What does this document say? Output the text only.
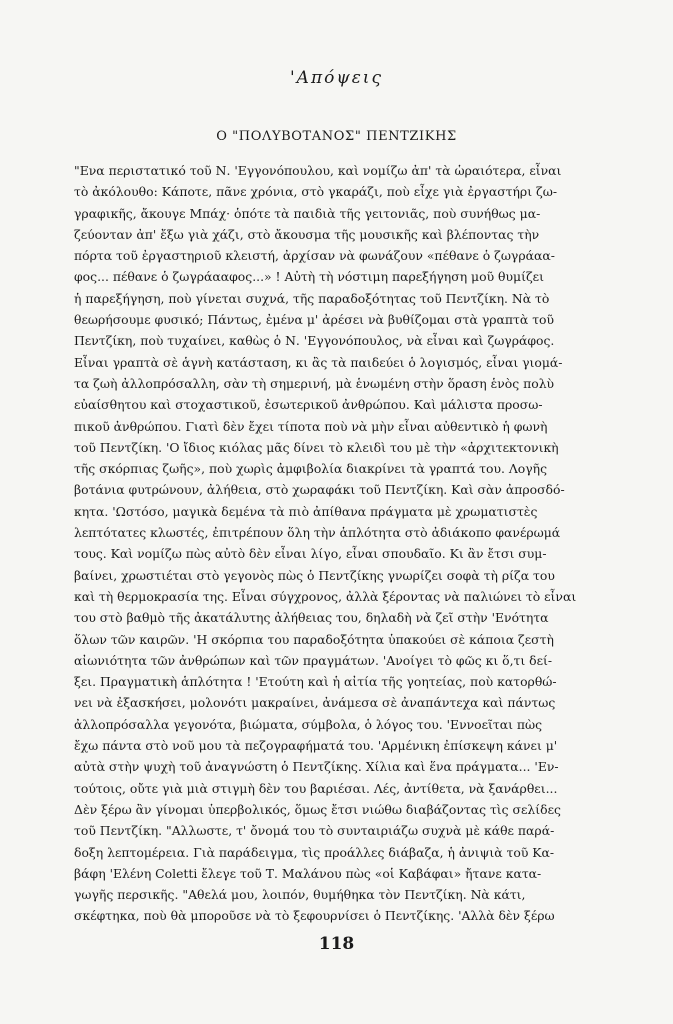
'Απόψεις
Ο "ΠΟΛΥΒΟΤΑΝΟΣ" ΠΕΝΤΖΙΚΗΣ
"Ενα περιστατικό τοῦ Ν. 'Εγγονόπουλου, καὶ νομίζω ἀπ' τὰ ὡραιότερα, εἶναι
τὸ ἀκόλουθο: Κάποτε, πᾶνε χρόνια, στὸ γκαράζι, ποὺ εἶχε γιὰ ἐργαστήρι ζω-
γραφικῆς, ἄκουγε Μπάχ· ὁπότε τὰ παιδιὰ τῆς γειτονιᾶς, ποὺ συνήθως μα-
ζεύονταν ἀπ' ἔξω γιὰ χάζι, στὸ ἄκουσμα τῆς μουσικῆς καὶ βλέποντας τὴν
πόρτα τοῦ ἐργαστηριοῦ κλειστή, ἀρχίσαν νὰ φωνάζουν «πέθανε ὁ ζωγράαα-
φος... πέθανε ὁ ζωγράααφος...» ! Αὐτὴ τὴ νόστιμη παρεξήγηση μοῦ θυμίζει
ἡ παρεξήγηση, ποὺ γίνεται συχνά, τῆς παραδοξότητας τοῦ Πεντζίκη. Νὰ τὸ
θεωρήσουμε φυσικό; Πάντως, ἐμένα μ' ἀρέσει νὰ βυθίζομαι στὰ γραπτὰ τοῦ
Πεντζίκη, ποὺ τυχαίνει, καθὼς ὁ Ν. 'Εγγονόπουλος, νὰ εἶναι καὶ ζωγράφος.
Εἶναι γραπτὰ σὲ ἁγνὴ κατάσταση, κι ἂς τὰ παιδεύει ὁ λογισμός, εἶναι γιομά-
τα ζωὴ ἀλλοπρόσαλλη, σὰν τὴ σημερινή, μὰ ἑνωμένη στὴν ὅραση ἑνὸς πολὺ
εὐαίσθητου καὶ στοχαστικοῦ, ἐσωτερικοῦ ἀνθρώπου. Καὶ μάλιστα προσω-
πικοῦ ἀνθρώπου. Γιατὶ δὲν ἔχει τίποτα ποὺ νὰ μὴν εἶναι αὐθεντικὸ ἡ φωνὴ
τοῦ Πεντζίκη. 'Ο ἴδιος κιόλας μᾶς δίνει τὸ κλειδὶ του μὲ τὴν «ἀρχιτεκτονικὴ
τῆς σκόρπιας ζωῆς», ποὺ χωρὶς ἀμφιβολία διακρίνει τὰ γραπτά του. Λογῆς
βοτάνια φυτρώνουν, ἀλήθεια, στὸ χωραφάκι τοῦ Πεντζίκη. Καὶ σὰν ἀπροσδό-
κητα. 'Ωστόσο, μαγικὰ δεμένα τὰ πιὸ ἀπίθανα πράγματα μὲ χρωματιστὲς
λεπτότατες κλωστές, ἐπιτρέπουν ὅλη τὴν ἁπλότητα στὸ ἀδιάκοπο φανέρωμά
τους. Καὶ νομίζω πὼς αὐτὸ δὲν εἶναι λίγο, εἶναι σπουδαῖο. Κι ἂν ἔτσι συμ-
βαίνει, χρωστιέται στὸ γεγονὸς πὼς ὁ Πεντζίκης γνωρίζει σοφὰ τὴ ρίζα του
καὶ τὴ θερμοκρασία της. Εἶναι σύγχρονος, ἀλλὰ ξέροντας νὰ παλιώνει τὸ εἶναι
του στὸ βαθμὸ τῆς ἀκατάλυτης ἀλήθειας του, δηλαδὴ νὰ ζεῖ στὴν 'Ενότητα
ὅλων τῶν καιρῶν. 'Η σκόρπια του παραδοξότητα ὑπακούει σὲ κάποια ζεστὴ
αἰωνιότητα τῶν ἀνθρώπων καὶ τῶν πραγμάτων. 'Ανοίγει τὸ φῶς κι ὅ,τι δεί-
ξει. Πραγματικὴ ἁπλότητα ! 'Ετούτη καὶ ἡ αἰτία τῆς γοητείας, ποὺ κατορθώ-
νει νὰ ἐξασκήσει, μολονότι μακραίνει, ἀνάμεσα σὲ ἀναπάντεχα καὶ πάντως
ἀλλοπρόσαλλα γεγονότα, βιώματα, σύμβολα, ὁ λόγος του. 'Εννοεῖται πὼς
ἔχω πάντα στὸ νοῦ μου τὰ πεζογραφήματά του. 'Αρμένικη ἐπίσκεψη κάνει μ'
αὐτὰ στὴν ψυχὴ τοῦ ἀναγνώστη ὁ Πεντζίκης. Χίλια καὶ ἕνα πράγματα... 'Εν-
τούτοις, οὔτε γιὰ μιὰ στιγμὴ δὲν του βαριέσαι. Λές, ἀντίθετα, νὰ ξανάρθει...
Δὲν ξέρω ἂν γίνομαι ὑπερβολικός, ὅμως ἔτσι νιώθω διαβάζοντας τὶς σελίδες
τοῦ Πεντζίκη. "Αλλωστε, τ' ὄνομά του τὸ συνταιριάζω συχνὰ μὲ κάθε παρά-
δοξη λεπτομέρεια. Γιὰ παράδειγμα, τὶς προάλλες διάβαζα, ἡ ἀνιψιὰ τοῦ Κα-
βάφη 'Ελένη Coletti ἔλεγε τοῦ Τ. Μαλάνου πὼς «οἱ Καβάφαι» ἤτανε κατα-
γωγῆς περσικῆς. "Αθελά μου, λοιπόν, θυμήθηκα τὸν Πεντζίκη. Νὰ κάτι,
σκέφτηκα, ποὺ θὰ μποροῦσε νὰ τὸ ξεφουρνίσει ὁ Πεντζίκης. 'Αλλὰ δὲν ξέρω
118
